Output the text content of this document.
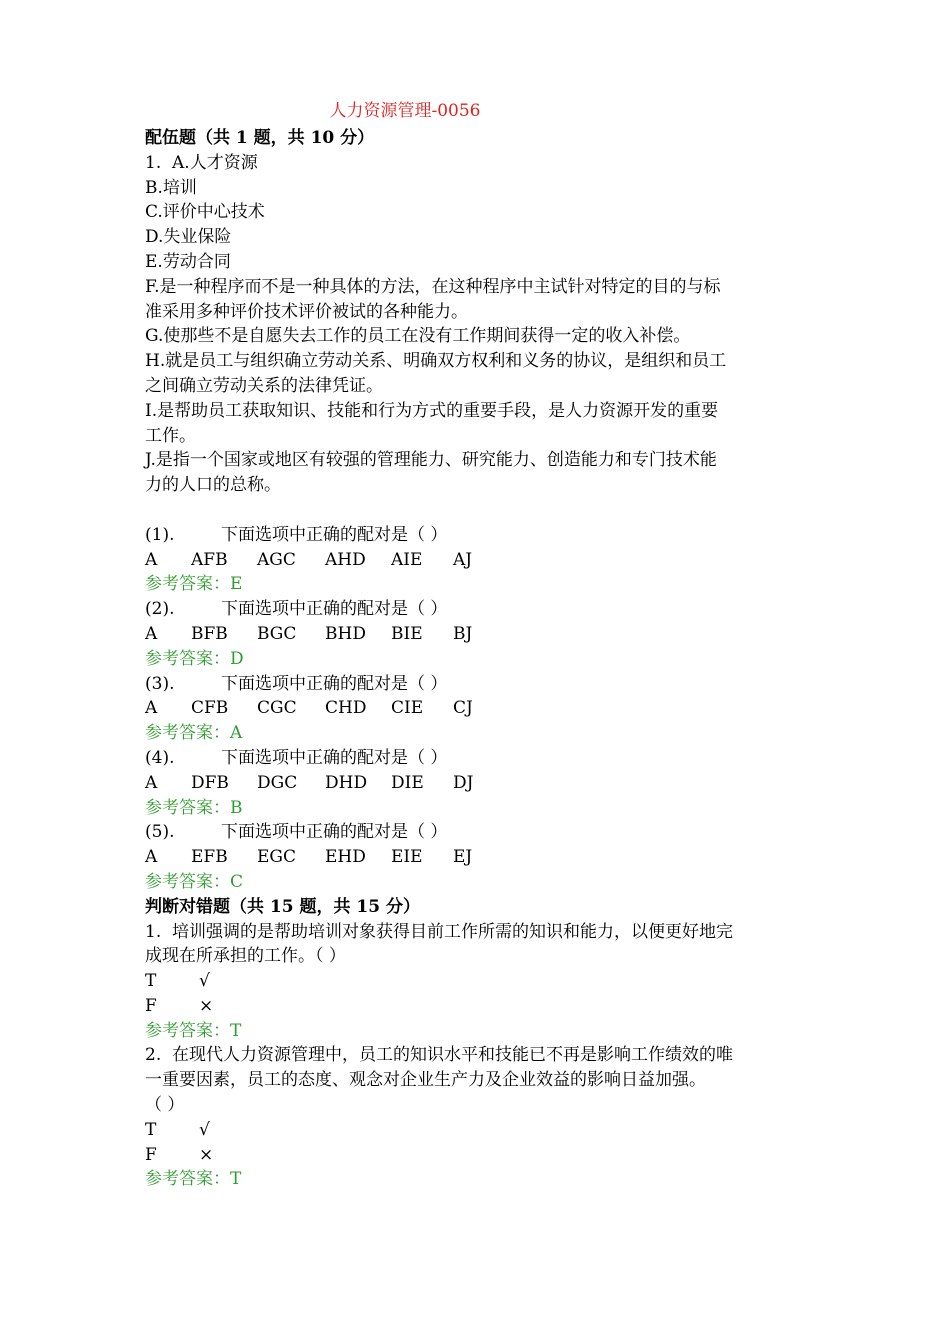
人力资源管理-0056
配伍题（共 1 题，共 10 分）
1.  A.人才资源
B.培训
C.评价中心技术
D.失业保险
E.劳动合同
F.是一种程序而不是一种具体的方法，在这种程序中主试针对特定的目的与标
准采用多种评价技术评价被试的各种能力。
G.使那些不是自愿失去工作的员工在没有工作期间获得一定的收入补偿。
H.就是员工与组织确立劳动关系、明确双方权利和义务的协议，是组织和员工
之间确立劳动关系的法律凭证。
I.是帮助员工获取知识、技能和行为方式的重要手段，是人力资源开发的重要
工作。
J.是指一个国家或地区有较强的管理能力、研究能力、创造能力和专门技术能
力的人口的总称。
(1).	下面选项中正确的配对是（ ）
A	AFB	AGC	AHD	AIE	AJ
参考答案：E
(2).	下面选项中正确的配对是（ ）
A	BFB	BGC	BHD	BIE	BJ
参考答案：D
(3).	下面选项中正确的配对是（ ）
A	CFB	CGC	CHD	CIE	CJ
参考答案：A
(4).	下面选项中正确的配对是（ ）
A	DFB	DGC	DHD	DIE	DJ
参考答案：B
(5).	下面选项中正确的配对是（ ）
A	EFB	EGC	EHD	EIE	EJ
参考答案：C
判断对错题（共 15 题，共 15 分）
1.  培训强调的是帮助培训对象获得目前工作所需的知识和能力，以便更好地完
成现在所承担的工作。（ ）
T	√
F	×
参考答案：T
2.  在现代人力资源管理中，员工的知识水平和技能已不再是影响工作绩效的唯
一重要因素，员工的态度、观念对企业生产力及企业效益的影响日益加强。
（ ）
T	√
F	×
参考答案：T
